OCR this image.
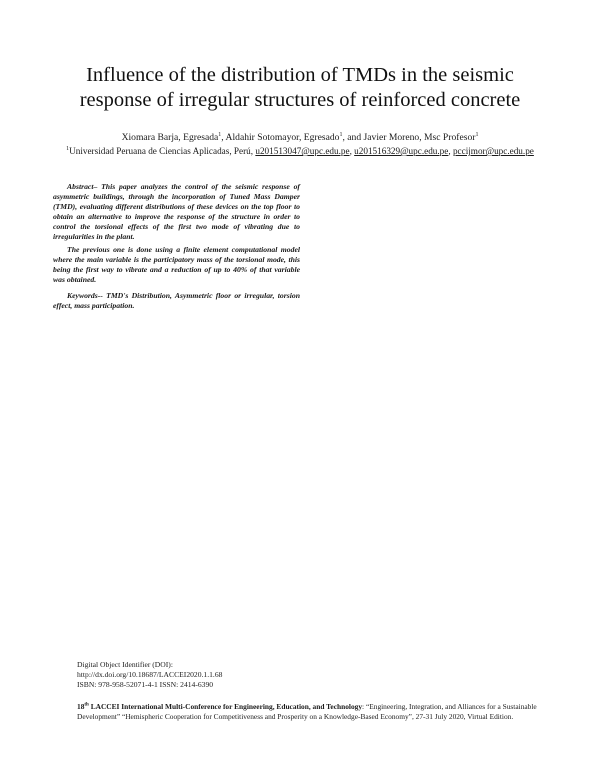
Influence of the distribution of TMDs in the seismic
response of irregular structures of reinforced concrete
Xiomara Barja, Egresada$^1$, Aldahir Sotomayor, Egresado$^1$, and Javier Moreno, Msc Profesor$^1$
$^1$Universidad Peruana de Ciencias Aplicadas, Perú, u201513047@upc.edu.pe, u201516329@upc.edu.pe, pccijmor@upc.edu.pe

Abstract– This paper analyzes the control of the seismic response of asymmetric buildings, through the incorporation of Tuned Mass Damper (TMD), evaluating different distributions of these devices on the top floor to obtain an alternative to improve the response of the structure in order to control the torsional effects of the first two mode of vibrating due to irregularities in the plant.

The previous one is done using a finite element computational model where the main variable is the participatory mass of the torsional mode, this being the first way to vibrate and a reduction of up to 40% of that variable was obtained.

Keywords-- TMD's Distribution, Asymmetric floor or irregular, torsion effect, mass participation.

Digital Object Identifier (DOI):
http://dx.doi.org/10.18687/LACCEI2020.1.1.68
ISBN: 978-958-52071-4-1 ISSN: 2414-6390
18th LACCEI International Multi-Conference for Engineering, Education, and Technology: “Engineering, Integration, and Alliances for a Sustainable
Development” “Hemispheric Cooperation for Competitiveness and Prosperity on a Knowledge-Based Economy”, 27-31 July 2020, Virtual Edition.
